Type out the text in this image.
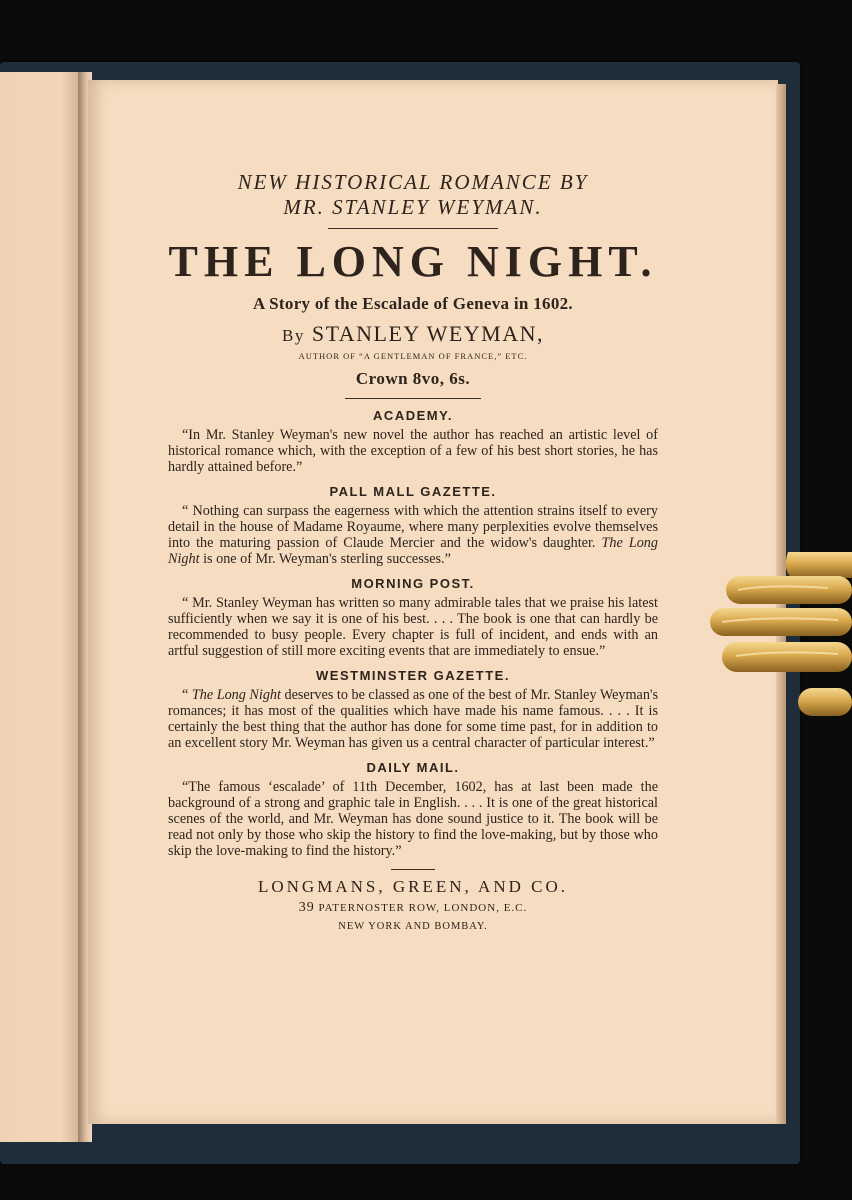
NEW HISTORICAL ROMANCE BY

MR. STANLEY WEYMAN.

THE LONG NIGHT.

A Story of the Escalade of Geneva in 1602.

By STANLEY WEYMAN,

AUTHOR OF “A GENTLEMAN OF FRANCE,” ETC.

Crown 8vo, 6s.

ACADEMY.

“In Mr. Stanley Weyman's new novel the author has reached an artistic level of historical romance which, with the exception of a few of his best short stories, he has hardly attained before.”

PALL MALL GAZETTE.

“ Nothing can surpass the eagerness with which the attention strains itself to every detail in the house of Madame Royaume, where many perplexities evolve themselves into the maturing passion of Claude Mercier and the widow's daughter. The Long Night is one of Mr. Weyman's sterling successes.”

MORNING POST.

“ Mr. Stanley Weyman has written so many admirable tales that we praise his latest sufficiently when we say it is one of his best. . . . The book is one that can hardly be recommended to busy people. Every chapter is full of incident, and ends with an artful suggestion of still more exciting events that are immediately to ensue.”

WESTMINSTER GAZETTE.

“ The Long Night deserves to be classed as one of the best of Mr. Stanley Weyman's romances; it has most of the qualities which have made his name famous. . . . It is certainly the best thing that the author has done for some time past, for in addition to an excellent story Mr. Weyman has given us a central character of particular interest.”

DAILY MAIL.

“The famous ‘escalade’ of 11th December, 1602, has at last been made the background of a strong and graphic tale in English. . . . It is one of the great historical scenes of the world, and Mr. Weyman has done sound justice to it. The book will be read not only by those who skip the history to find the love-making, but by those who skip the love-making to find the history.”

LONGMANS, GREEN, AND CO.

39 PATERNOSTER ROW, LONDON, E.C.

NEW YORK AND BOMBAY.
